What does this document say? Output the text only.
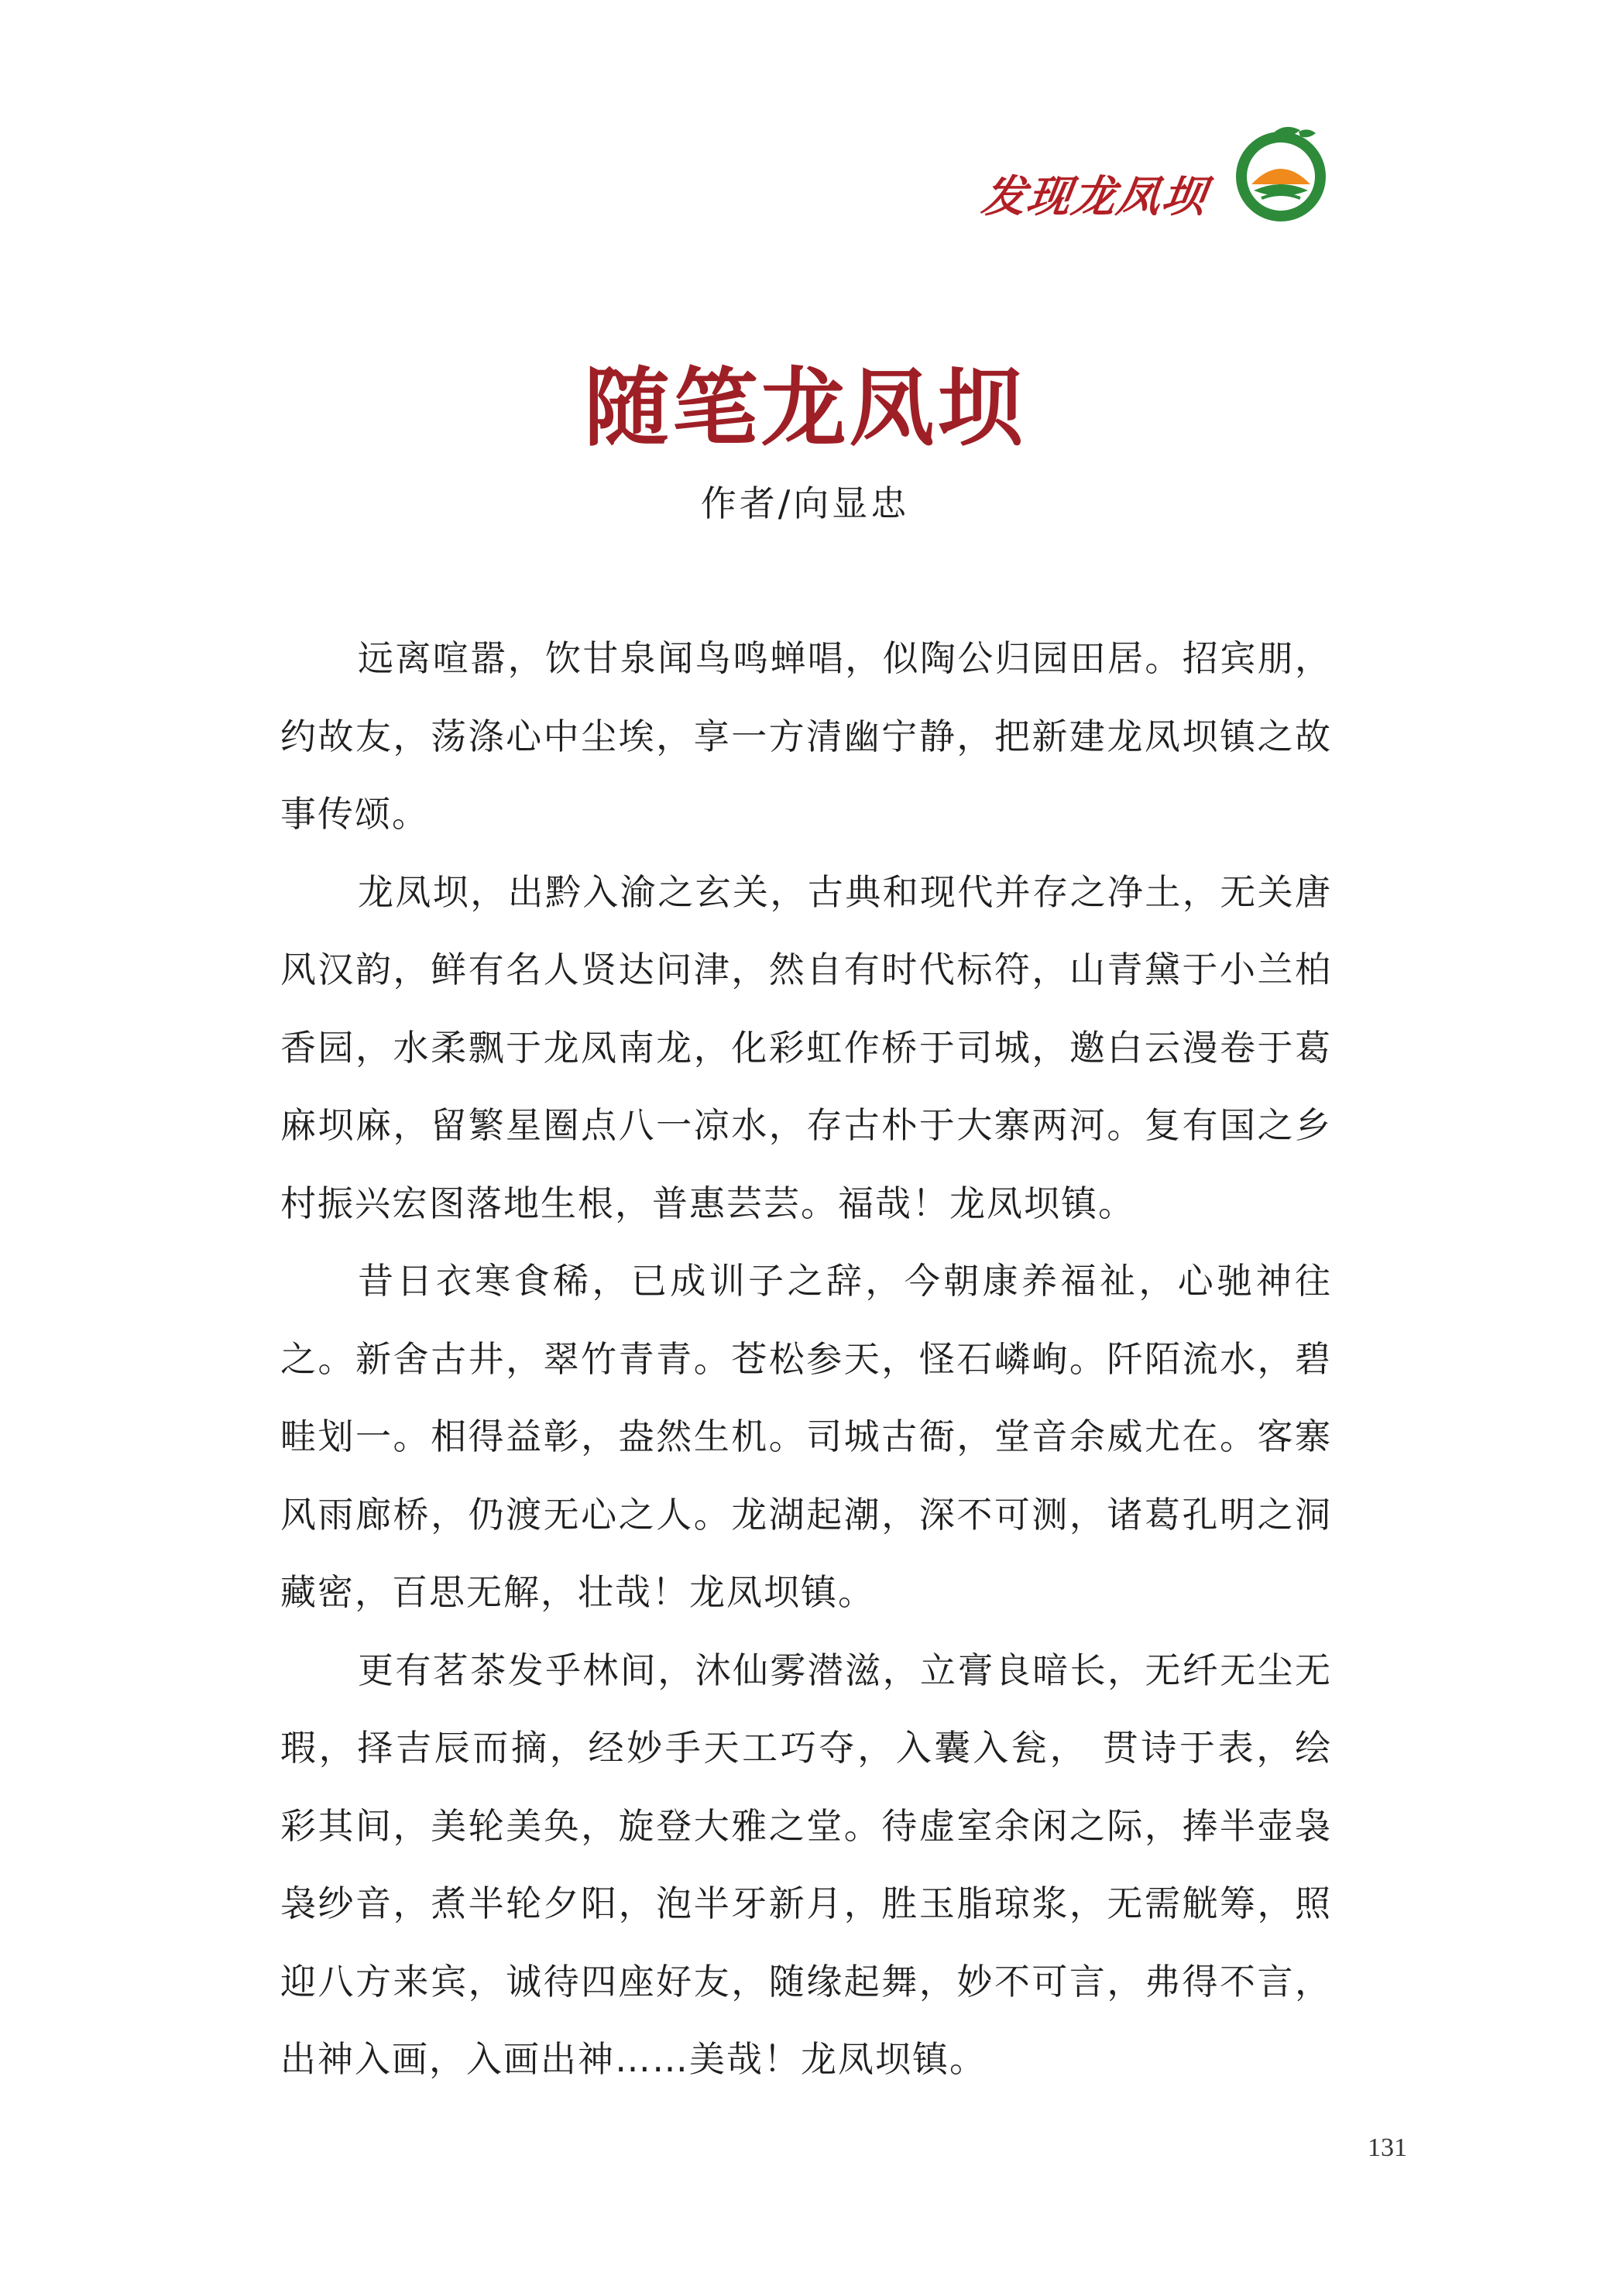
发现龙凤坝
随笔龙凤坝
作者/向显忠

远离喧嚣，饮甘泉闻鸟鸣蝉唱，似陶公归园田居。招宾朋，约故友，荡涤心中尘埃，享一方清幽宁静，把新建龙凤坝镇之故事传颂。

龙凤坝，出黔入渝之玄关，古典和现代并存之净土，无关唐风汉韵，鲜有名人贤达问津，然自有时代标符，山青黛于小兰柏香园，水柔飘于龙凤南龙，化彩虹作桥于司城，邀白云漫卷于葛麻坝麻，留繁星圈点八一凉水，存古朴于大寨两河。复有国之乡村振兴宏图落地生根，普惠芸芸。福哉！龙凤坝镇。

昔日衣寒食稀，已成训子之辞，今朝康养福祉，心驰神往之。新舍古井，翠竹青青。苍松参天，怪石嶙峋。阡陌流水，碧畦划一。相得益彰，盎然生机。司城古衙，堂音余威尤在。客寨风雨廊桥，仍渡无心之人。龙湖起潮，深不可测，诸葛孔明之洞藏密，百思无解，壮哉！龙凤坝镇。

更有茗茶发乎林间，沐仙雾潜滋，立膏良暗长，无纤无尘无瑕，择吉辰而摘，经妙手天工巧夺，入囊入瓮， 贯诗于表，绘彩其间，美轮美奂，旋登大雅之堂。待虚室余闲之际，捧半壶袅袅纱音，煮半轮夕阳，泡半牙新月，胜玉脂琼浆，无需觥筹，照迎八方来宾，诚待四座好友，随缘起舞，妙不可言，弗得不言，出神入画，入画出神……美哉！龙凤坝镇。

131
